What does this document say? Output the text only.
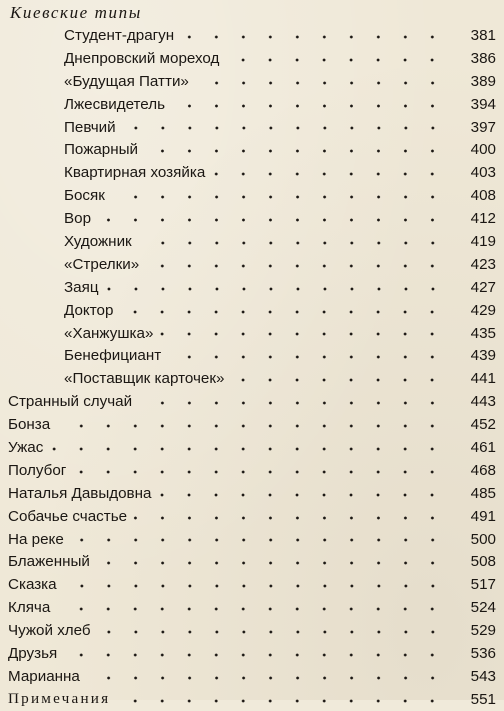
Киевские типы
Студент-драгун	381
Днепровский мореход	386
«Будущая Патти»	389
Лжесвидетель	394
Певчий	397
Пожарный	400
Квартирная хозяйка	403
Босяк	408
Вор	412
Художник	419
«Стрелки»	423
Заяц	427
Доктор	429
«Ханжушка»	435
Бенефициант	439
«Поставщик карточек»	441
Странный случай	443
Бонза	452
Ужас	461
Полубог	468
Наталья Давыдовна	485
Собачье счастье	491
На реке	500
Блаженный	508
Сказка	517
Кляча	524
Чужой хлеб	529
Друзья	536
Марианна	543
Примечания	551
